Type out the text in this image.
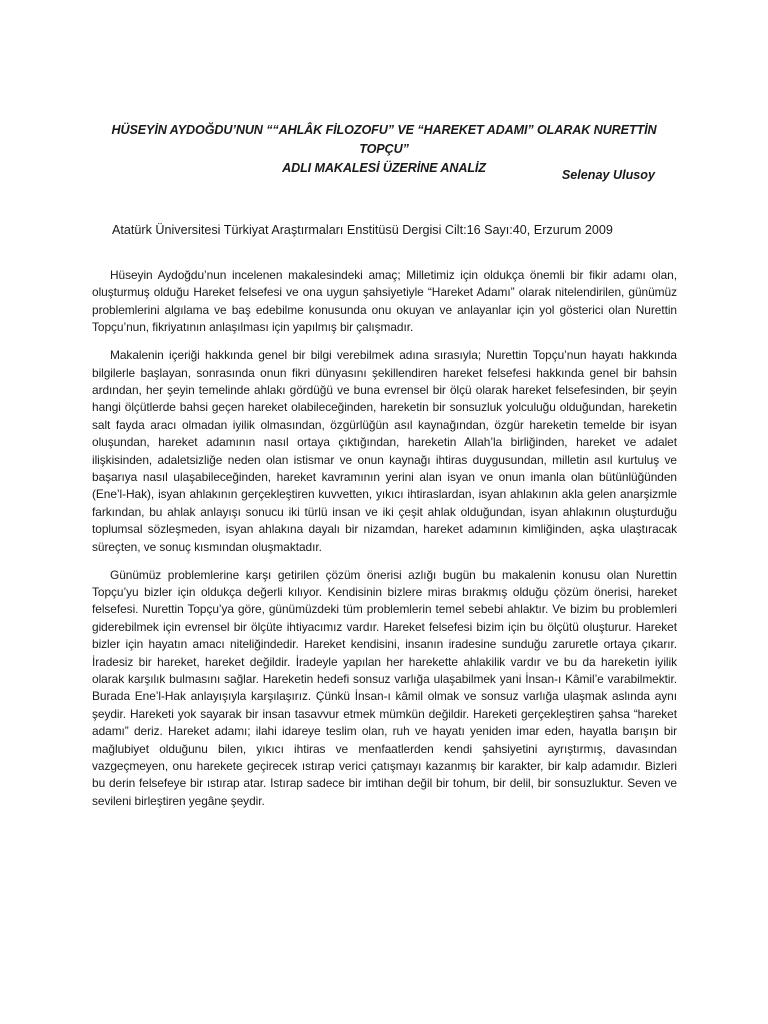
HÜSEYİN AYDOĞDU’NUN ““AHLÂK FİLOZOFU” VE “HAREKET ADAMI” OLARAK NURETTİN TOPÇU”
ADLI MAKALESİ ÜZERİNE ANALİZ	Selenay Ulusoy
Atatürk Üniversitesi Türkiyat Araştırmaları Enstitüsü Dergisi Cilt:16 Sayı:40, Erzurum 2009

Hüseyin Aydoğdu’nun incelenen makalesindeki amaç; Milletimiz için oldukça önemli bir fikir adamı olan, oluşturmuş olduğu Hareket felsefesi ve ona uygun şahsiyetiyle “Hareket Adamı” olarak nitelendirilen, günümüz problemlerini algılama ve baş edebilme konusunda onu okuyan ve anlayanlar için yol gösterici olan Nurettin Topçu’nun, fikriyatının anlaşılması için yapılmış bir çalışmadır.

Makalenin içeriği hakkında genel bir bilgi verebilmek adına sırasıyla; Nurettin Topçu’nun hayatı hakkında bilgilerle başlayan, sonrasında onun fikri dünyasını şekillendiren hareket felsefesi hakkında genel bir bahsin ardından, her şeyin temelinde ahlakı gördüğü ve buna evrensel bir ölçü olarak hareket felsefesinden, bir şeyin hangi ölçütlerde bahsi geçen hareket olabileceğinden, hareketin bir sonsuzluk yolculuğu olduğundan, hareketin salt fayda aracı olmadan iyilik olmasından, özgürlüğün asıl kaynağından, özgür hareketin temelde bir isyan oluşundan, hareket adamının nasıl ortaya çıktığından, hareketin Allah’la birliğinden, hareket ve adalet ilişkisinden, adaletsizliğe neden olan istismar ve onun kaynağı ihtiras duygusundan, milletin asıl kurtuluş ve başarıya nasıl ulaşabileceğinden, hareket kavramının yerini alan isyan ve onun imanla olan bütünlüğünden (Ene’l-Hak), isyan ahlakının gerçekleştiren kuvvetten, yıkıcı ihtiraslardan, isyan ahlakının akla gelen anarşizmle farkından, bu ahlak anlayışı sonucu iki türlü insan ve iki çeşit ahlak olduğundan, isyan ahlakının oluşturduğu toplumsal sözleşmeden, isyan ahlakına dayalı bir nizamdan, hareket adamının kimliğinden, aşka ulaştıracak süreçten, ve sonuç kısmından oluşmaktadır.

Günümüz problemlerine karşı getirilen çözüm önerisi azlığı bugün bu makalenin konusu olan Nurettin Topçu’yu bizler için oldukça değerli kılıyor. Kendisinin bizlere miras bırakmış olduğu çözüm önerisi, hareket felsefesi. Nurettin Topçu’ya göre, günümüzdeki tüm problemlerin temel sebebi ahlaktır. Ve bizim bu problemleri giderebilmek için evrensel bir ölçüte ihtiyacımız vardır. Hareket felsefesi bizim için bu ölçütü oluşturur. Hareket bizler için hayatın amacı niteliğindedir. Hareket kendisini, insanın iradesine sunduğu zaruretle ortaya çıkarır. İradesiz bir hareket, hareket değildir. İradeyle yapılan her harekette ahlakilik vardır ve bu da hareketin iyilik olarak karşılık bulmasını sağlar. Hareketin hedefi sonsuz varlığa ulaşabilmek yani İnsan-ı Kâmil’e varabilmektir. Burada Ene’l-Hak anlayışıyla karşılaşırız. Çünkü İnsan-ı kâmil olmak ve sonsuz varlığa ulaşmak aslında aynı şeydir. Hareketi yok sayarak bir insan tasavvur etmek mümkün değildir. Hareketi gerçekleştiren şahsa “hareket adamı” deriz. Hareket adamı; ilahi idareye teslim olan, ruh ve hayatı yeniden imar eden, hayatla barışın bir mağlubiyet olduğunu bilen, yıkıcı ihtiras ve menfaatlerden kendi şahsiyetini ayrıştırmış, davasından vazgeçmeyen, onu harekete geçirecek ıstırap verici çatışmayı kazanmış bir karakter, bir kalp adamıdır. Bizleri bu derin felsefeye bir ıstırap atar. Istırap sadece bir imtihan değil bir tohum, bir delil, bir sonsuzluktur. Seven ve sevileni birleştiren yegâne şeydir.
